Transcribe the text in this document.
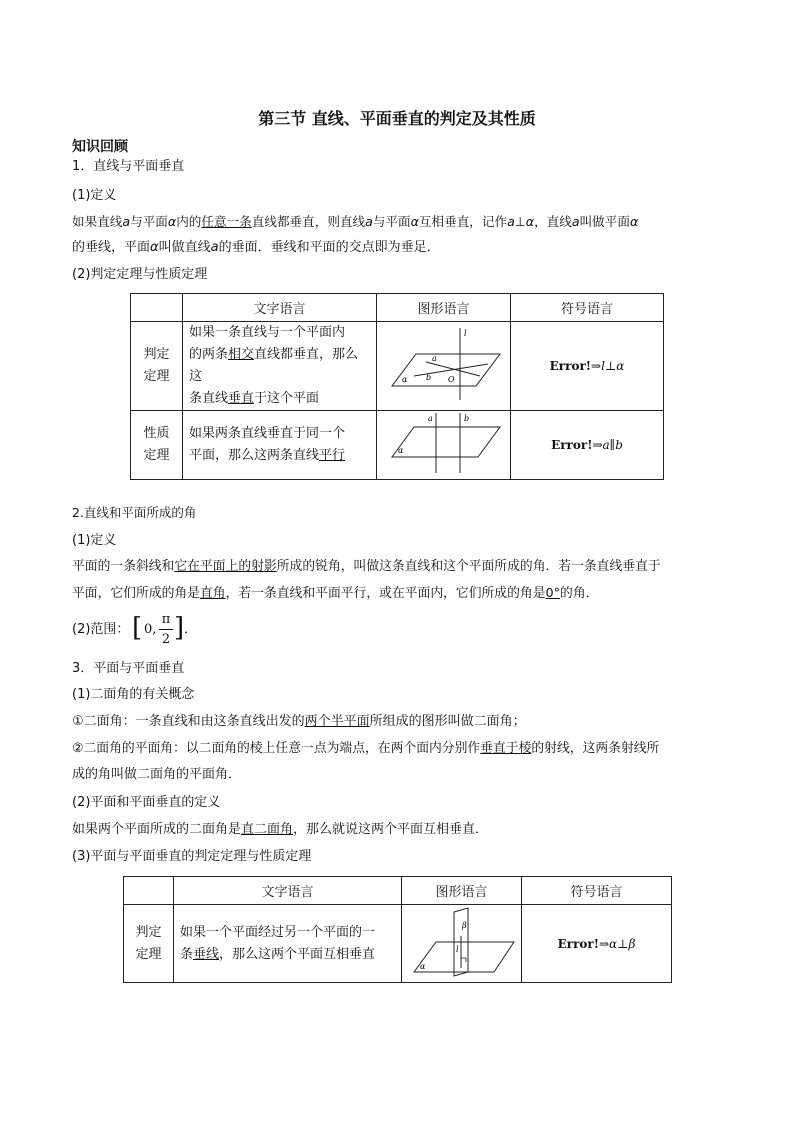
第三节 直线、平面垂直的判定及其性质
知识回顾
1．直线与平面垂直
(1)定义
如果直线a与平面α内的任意一条直线都垂直，则直线a与平面α互相垂直，记作a⊥α，直线a叫做平面α
的垂线，平面α叫做直线a的垂面．垂线和平面的交点即为垂足．
(2)判定定理与性质定理
	文字语言	图形语言	符号语言
判定
定理	如果一条直线与一个平面内
的两条相交直线都垂直，那么这
条直线垂直于这个平面	l
a
b O
α	Error!⇒l⊥α
性质
定理	如果两条直线垂直于同一个
平面，那么这两条直线平行	a b
α	Error!⇒a∥b
2.直线和平面所成的角
(1)定义
平面的一条斜线和它在平面上的射影所成的锐角，叫做这条直线和这个平面所成的角．若一条直线垂直于
平面，它们所成的角是直角，若一条直线和平面平行，或在平面内，它们所成的角是0°的角．
(2)范围： [ 0,
π
2 ] ．
3．平面与平面垂直
(1)二面角的有关概念
①二面角：一条直线和由这条直线出发的两个半平面所组成的图形叫做二面角；
②二面角的平面角：以二面角的棱上任意一点为端点，在两个面内分别作垂直于棱的射线，这两条射线所
成的角叫做二面角的平面角．
(2)平面和平面垂直的定义
如果两个平面所成的二面角是直二面角，那么就说这两个平面互相垂直．
(3)平面与平面垂直的判定定理与性质定理
	文字语言	图形语言	符号语言
判定
定理	如果一个平面经过另一个平面的一
条垂线，那么这两个平面互相垂直	β
l
α	Error!⇒α⊥β
